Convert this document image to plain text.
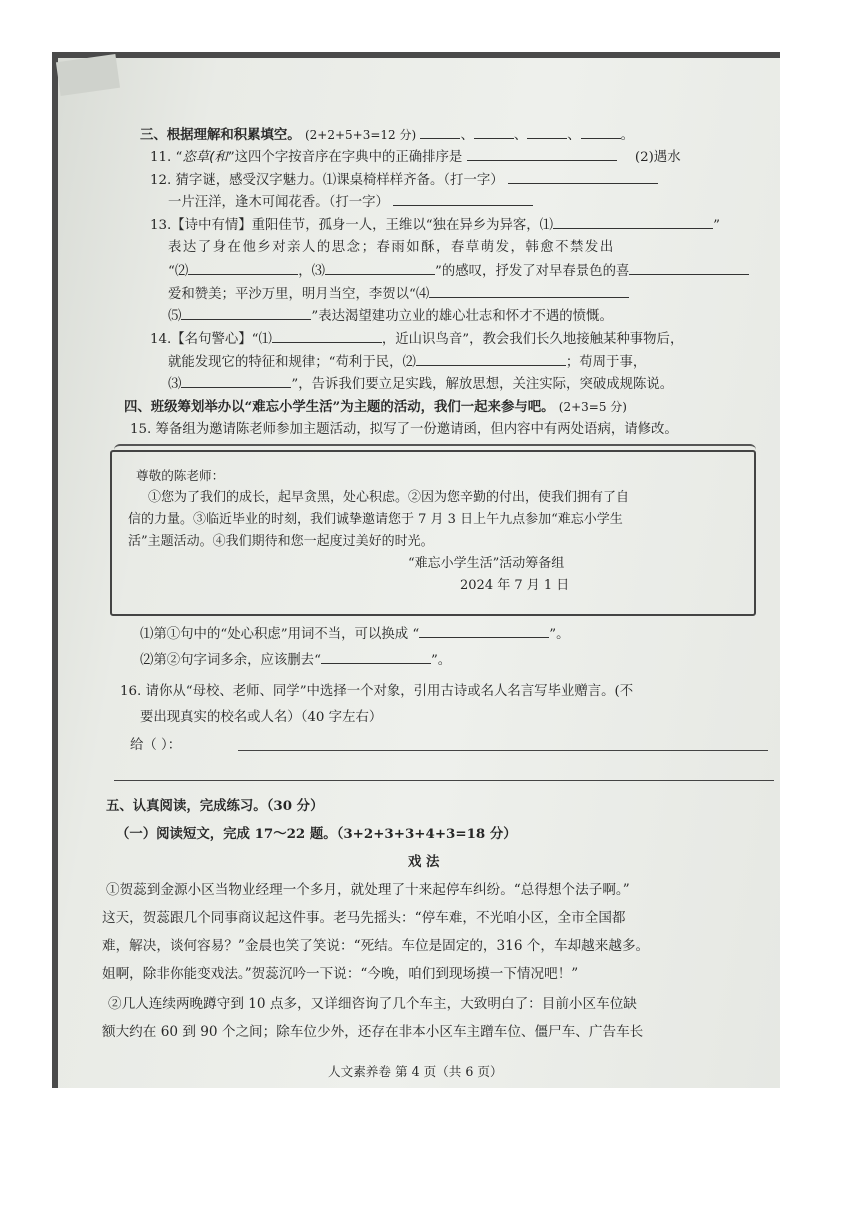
三、根据理解和积累填空。 (2+2+5+3=12 分)	、	、	、	。
11. “恣草(和”这四个字按音序在字典中的正确排序是	(2)遇水
12. 猜字谜，感受汉字魅力。⑴课桌椅样样齐备。（打一字）
一片汪洋，逢木可闻花香。（打一字）
13.【诗中有情】重阳佳节，孤身一人，王维以“独在异乡为异客，⑴	”
表达了身在他乡对亲人的思念；春雨如酥，春草萌发，韩愈不禁发出
“⑵	，⑶	”的感叹，抒发了对早春景色的喜
爱和赞美；平沙万里，明月当空，李贺以“⑷
⑸	”表达渴望建功立业的雄心壮志和怀才不遇的愤慨。
14.【名句警心】“⑴	，近山识鸟音”，教会我们长久地接触某种事物后，
就能发现它的特征和规律；“苟利于民，⑵	；苟周于事，
⑶	”，告诉我们要立足实践，解放思想，关注实际，突破成规陈说。
四、班级筹划举办以“难忘小学生活”为主题的活动，我们一起来参与吧。 (2+3=5 分)
15. 筹备组为邀请陈老师参加主题活动，拟写了一份邀请函，但内容中有两处语病，请修改。
尊敬的陈老师：
①您为了我们的成长，起早贪黑，处心积虑。②因为您辛勤的付出，使我们拥有了自
信的力量。③临近毕业的时刻，我们诚挚邀请您于 7 月 3 日上午九点参加“难忘小学生
活”主题活动。④我们期待和您一起度过美好的时光。
“难忘小学生活”活动筹备组
2024 年 7 月 1 日
⑴第①句中的“处心积虑”用词不当，可以换成 “	”。
⑵第②句字词多余，应该删去“	”。
16. 请你从“母校、老师、同学”中选择一个对象，引用古诗或名人名言写毕业赠言。(不
要出现真实的校名或人名）（40 字左右）
给（ ）：
五、认真阅读，完成练习。（30 分）
（一）阅读短文，完成 17～22 题。（3+2+3+3+4+3=18 分）
戏 法
①贺蕊到金源小区当物业经理一个多月，就处理了十来起停车纠纷。“总得想个法子啊。”
这天，贺蕊跟几个同事商议起这件事。老马先摇头：“停车难，不光咱小区，全市全国都
难，解决，谈何容易？”金晨也笑了笑说：“死结。车位是固定的，316 个，车却越来越多。
姐啊，除非你能变戏法。”贺蕊沉吟一下说：“今晚，咱们到现场摸一下情况吧！”
②几人连续两晚蹲守到 10 点多，又详细咨询了几个车主，大致明白了：目前小区车位缺
额大约在 60 到 90 个之间；除车位少外，还存在非本小区车主蹭车位、僵尸车、广告车长
人文素养卷 第 4 页（共 6 页）
